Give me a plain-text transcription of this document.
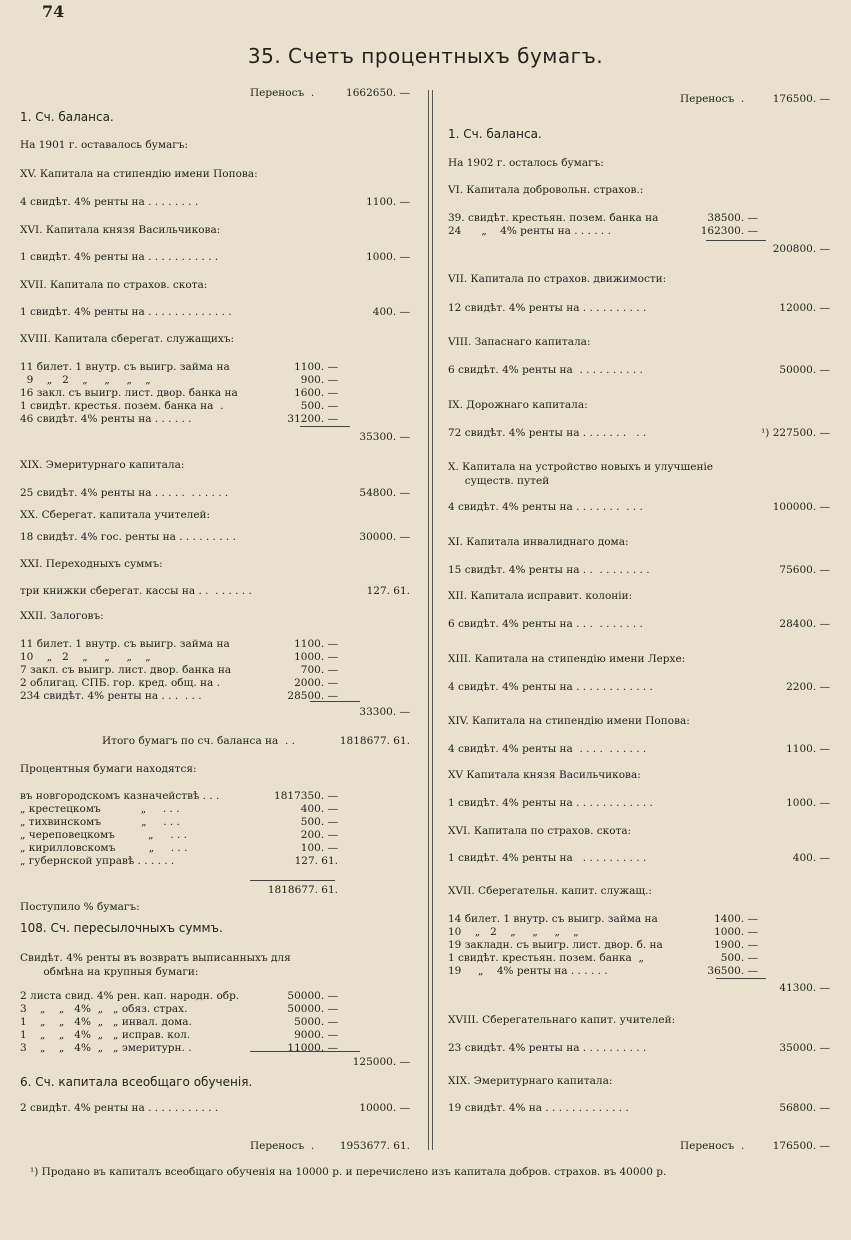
74
35. Счетъ процентныхъ бумагъ.
Переносъ  .	1662650. —
1. Сч. баланса.
На 1901 г. оставалось бумагъ:
XV. Капитала на стипендію имени Попова:
4 свидѣт. 4% ренты на . . . . . . . .	1100. —
XVI. Капитала князя Васильчикова:
1 свидѣт. 4% ренты на . . . . . . . . . . .	1000. —
XVII. Капитала по страхов. скота:
1 свидѣт. 4% ренты на . . . . . . . . . . . . .	400. —
XVIII. Капитала сберегат. служащихъ:
11 билет. 1 внутр. съ выигр. займа на	1100. —
9    „   2    „     „     „    „	900. —
16 закл. съ выигр. лист. двор. банка на	1600. —
1 свидѣт. крестья. позем. банка на  .	500. —
46 свидѣт. 4% ренты на . . . . . .	31200. —
35300. —
XIX. Эмеритурнаго капитала:
25 свидѣт. 4% ренты на . . . . .  . . . . . .	54800. —
XX. Сберегат. капитала учителей:
18 свидѣт. 4% гос. ренты на . . . . . . . . .	30000. —
XXI. Переходныхъ суммъ:
три книжки сберегат. кассы на . .  . . . . . .	127. 61.
XXII. Залоговъ:
11 билет. 1 внутр. съ выигр. займа на	1100. —
10    „   2    „     „     „    „	1000. —
7 закл. съ выигр. лист. двор. банка на	700. —
2 облигац. СПБ. гор. кред. общ. на .	2000. —
234 свидѣт. 4% ренты на . . .  . . .	28500. —
33300. —
Итого бумагъ по сч. баланса на  . .	1818677. 61.
Процентныя бумаги находятся:
въ новгородскомъ казначействѣ . . .	1817350. —
„ крестецкомъ            „     . . .	400. —
„ тихвинскомъ            „     . . .	500. —
„ череповецкомъ          „     . . .	200. —
„ кирилловскомъ          „     . . .	100. —
„ губернской управѣ . . . . . .	127. 61.
1818677. 61.
Поступило % бумагъ:
108. Сч. пересылочныхъ суммъ.
Свидѣт. 4% ренты въ возвратъ выписанныхъ для
обмѣна на крупныя бумаги:
2 листа свид. 4% рен. кап. народн. обр.	50000. —
3    „    „   4%  „   „ обяз. страх.	50000. —
1    „    „   4%  „   „ инвал. дома.	5000. —
1    „    „   4%  „   „ исправ. кол.	9000. —
3    „    „   4%  „   „ эмеритурн. .	11000. —
125000. —
6. Сч. капитала всеобщаго обученія.
2 свидѣт. 4% ренты на . . . . . . . . . . .	10000. —
Переносъ  .	1953677. 61.
Переносъ  .	176500. —
1. Сч. баланса.
На 1902 г. осталось бумагъ:
VI. Капитала добровольн. страхов.:
39. свидѣт. крестьян. позем. банка на	38500. —
24      „    4% ренты на . . . . . .	162300. —
200800. —
VII. Капитала по страхов. движимости:
12 свидѣт. 4% ренты на . . . . . . . . . .	12000. —
VIII. Запаснаго капитала:
6 свидѣт. 4% ренты на  . . . . . . . . . .	50000. —
IX. Дорожнаго капитала:
72 свидѣт. 4% ренты на . . . . . . .   . .	¹) 227500. —
X. Капитала на устройство новыхъ и улучшеніе
существ. путей
4 свидѣт. 4% ренты на . . . . . . .  . . .	100000. —
XI. Капитала инвалиднаго дома:
15 свидѣт. 4% ренты на . .  . . . . . . . .	75600. —
XII. Капитала исправит. колоніи:
6 свидѣт. 4% ренты на . . .  . . . . . . .	28400. —
XIII. Капитала на стипендію имени Лерхе:
4 свидѣт. 4% ренты на . . . . . . . . . . . .	2200. —
XIV. Капитала на стипендію имени Попова:
4 свидѣт. 4% ренты на  . . . .  . . . . . .	1100. —
XV Капитала князя Васильчикова:
1 свидѣт. 4% ренты на . . . . . . . . . . . .	1000. —
XVI. Капитала по страхов. скота:
1 свидѣт. 4% ренты на   . . . . . . . . . .	400. —
XVII. Сберегательн. капит. служащ.:
14 билет. 1 внутр. съ выигр. займа на	1400. —
10    „   2    „     „     „    „	1000. —
19 закладн. съ выигр. лист. двор. б. на	1900. —
1 свидѣт. крестьян. позем. банка  „	500. —
19     „    4% ренты на . . . . . .	36500. —
41300. —
XVIII. Сберегательнаго капит. учителей:
23 свидѣт. 4% ренты на . . . . . . . . . .	35000. —
XIX. Эмеритурнаго капитала:
19 свидѣт. 4% на . . . . . . . . . . . . .	56800. —
Переносъ  .	176500. —
¹) Продано въ капиталъ всеобщаго обученія на 10000 р. и перечислено изъ капитала добров. страхов. въ 40000 р.
